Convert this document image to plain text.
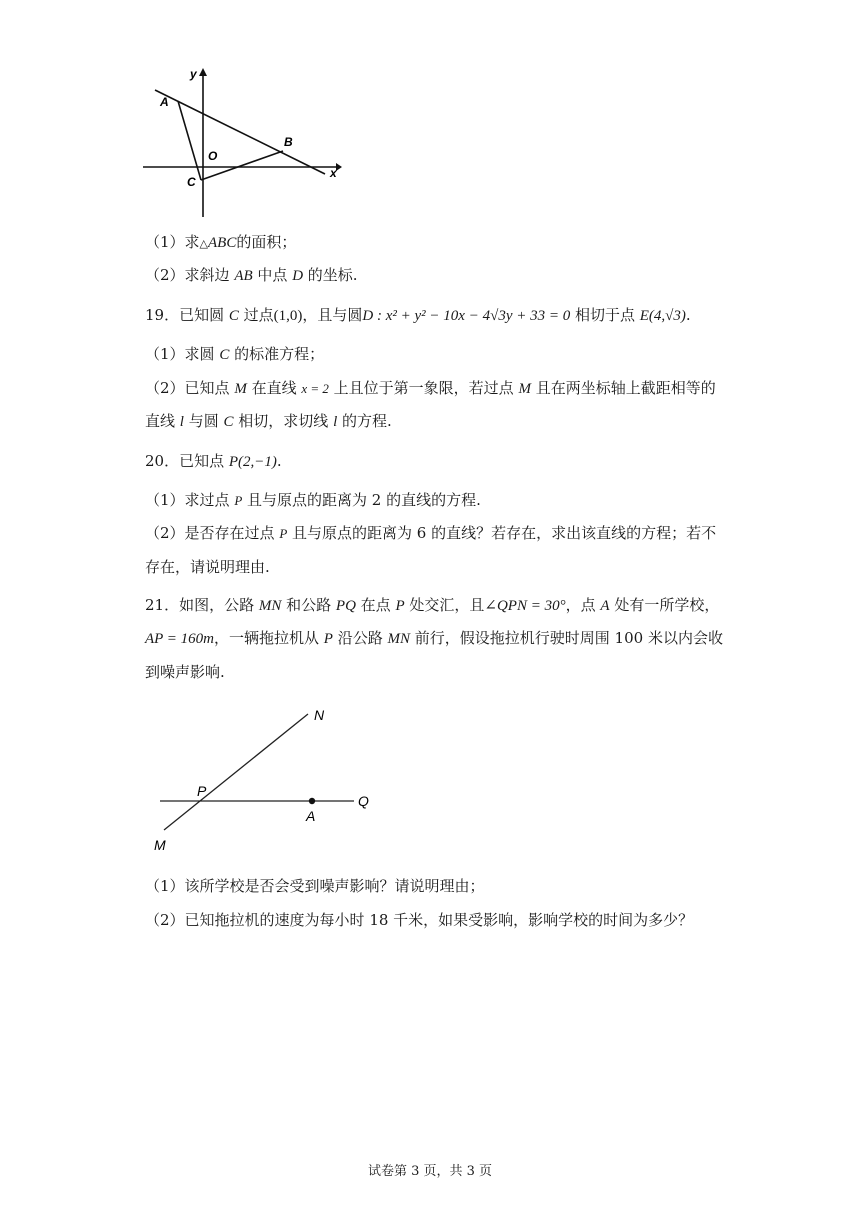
y
x
A
B
O
C
（1）求△ABC的面积；
（2）求斜边 AB 中点 D 的坐标.
19．已知圆 C 过点(1,0)，且与圆D : x² + y² − 10x − 4√3y + 33 = 0 相切于点 E(4,√3).
（1）求圆 C 的标准方程；
（2）已知点 M 在直线 x = 2 上且位于第一象限，若过点 M 且在两坐标轴上截距相等的
直线 l 与圆 C 相切，求切线 l 的方程.
20．已知点 P(2,−1).
（1）求过点 P 且与原点的距离为 2 的直线的方程.
（2）是否存在过点 P 且与原点的距离为 6 的直线？若存在，求出该直线的方程；若不
存在，请说明理由.
21．如图，公路 MN 和公路 PQ 在点 P 处交汇，且∠QPN = 30°，点 A 处有一所学校，
AP = 160m，一辆拖拉机从 P 沿公路 MN 前行，假设拖拉机行驶时周围 100 米以内会收
到噪声影响.
N
P
Q
A
M
（1）该所学校是否会受到噪声影响？请说明理由；
（2）已知拖拉机的速度为每小时 18 千米，如果受影响，影响学校的时间为多少？
试卷第 3 页，共 3 页
